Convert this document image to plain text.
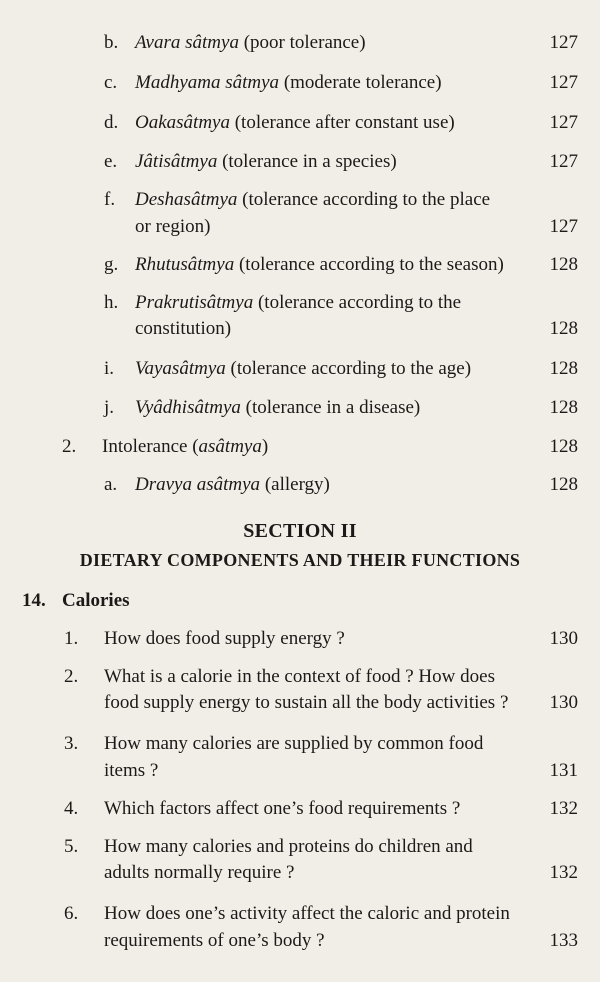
b. Avara sâtmya (poor tolerance)	127
c. Madhyama sâtmya (moderate tolerance)	127
d. Oakasâtmya (tolerance after constant use)	127
e. Jâtisâtmya (tolerance in a species)	127
f. Deshasâtmya (tolerance according to the place
or region)	127
g. Rhutusâtmya (tolerance according to the season) 128
h. Prakrutisâtmya (tolerance according to the
constitution)	128
i. Vayasâtmya (tolerance according to the age)	128
j. Vyâdhisâtmya (tolerance in a disease)	128
2. Intolerance (asâtmya)	128
a. Dravya asâtmya (allergy)	128
SECTION II
DIETARY COMPONENTS AND THEIR FUNCTIONS
14. Calories
1. How does food supply energy ?	130
2. What is a calorie in the context of food ? How does
food supply energy to sustain all the body activities ? 130
3. How many calories are supplied by common food
items ?	131
4. Which factors affect one’s food requirements ?	132
5. How many calories and proteins do children and
adults normally require ?	132
6. How does one’s activity affect the caloric and protein
requirements of one’s body ?	133
